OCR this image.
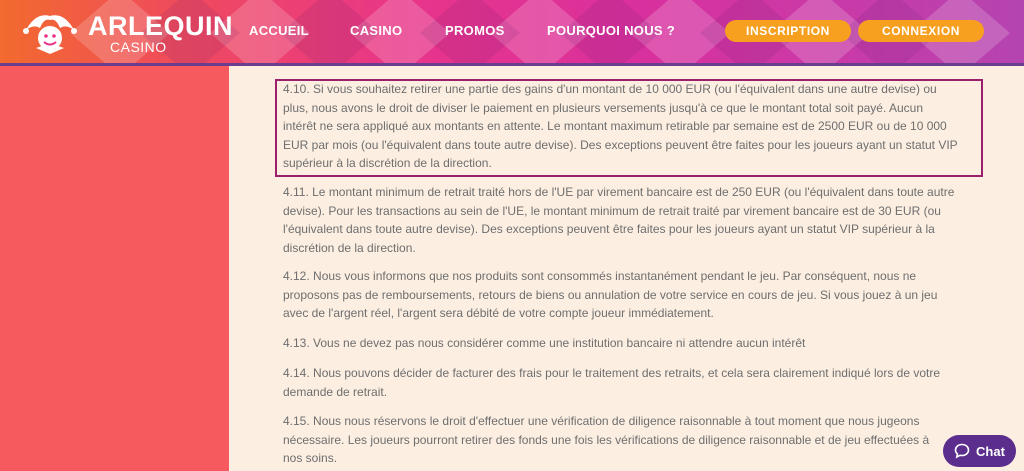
ARLEQUIN
CASINO
ACCUEIL	CASINO	PROMOS	POURQUOI NOUS ?	INSCRIPTION	CONNEXION
4.10. Si vous souhaitez retirer une partie des gains d'un montant de 10 000 EUR (ou l'équivalent dans une autre devise) ou
plus, nous avons le droit de diviser le paiement en plusieurs versements jusqu'à ce que le montant total soit payé. Aucun
intérêt ne sera appliqué aux montants en attente. Le montant maximum retirable par semaine est de 2500 EUR ou de 10 000
EUR par mois (ou l'équivalent dans toute autre devise). Des exceptions peuvent être faites pour les joueurs ayant un statut VIP
supérieur à la discrétion de la direction.
4.11. Le montant minimum de retrait traité hors de l'UE par virement bancaire est de 250 EUR (ou l'équivalent dans toute autre
devise). Pour les transactions au sein de l'UE, le montant minimum de retrait traité par virement bancaire est de 30 EUR (ou
l'équivalent dans toute autre devise). Des exceptions peuvent être faites pour les joueurs ayant un statut VIP supérieur à la
discrétion de la direction.
4.12. Nous vous informons que nos produits sont consommés instantanément pendant le jeu. Par conséquent, nous ne
proposons pas de remboursements, retours de biens ou annulation de votre service en cours de jeu. Si vous jouez à un jeu
avec de l'argent réel, l'argent sera débité de votre compte joueur immédiatement.
4.13. Vous ne devez pas nous considérer comme une institution bancaire ni attendre aucun intérêt
4.14. Nous pouvons décider de facturer des frais pour le traitement des retraits, et cela sera clairement indiqué lors de votre
demande de retrait.
4.15. Nous nous réservons le droit d'effectuer une vérification de diligence raisonnable à tout moment que nous jugeons
nécessaire. Les joueurs pourront retirer des fonds une fois les vérifications de diligence raisonnable et de jeu effectuées à
nos soins.	Chat
